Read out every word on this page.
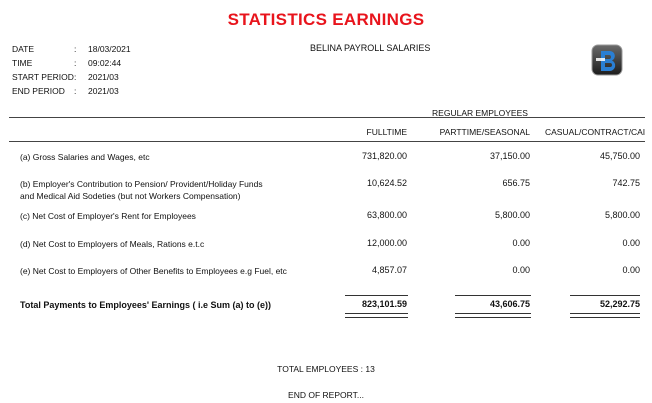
STATISTICS EARNINGS
DATE	:	18/03/2021
TIME	:	09:02:44
START PERIOD :	2021/03
END PERIOD	:	2021/03
BELINA PAYROLL SALARIES
REGULAR EMPLOYEES
FULLTIME	PARTTIME/SEASONAL CASUAL/CONTRACT/CAI
(a) Gross Salaries and Wages, etc	731,820.00	37,150.00	45,750.00
(b) Employer's Contribution to Pension/ Provident/Holiday Funds
and Medical Aid Sodeties (but not Workers Compensation)
10,624.52	656.75	742.75
(c) Net Cost of Employer's Rent for Employees	63,800.00	5,800.00	5,800.00
(d) Net Cost to Employers of Meals, Rations e.t.c	12,000.00	0.00	0.00
(e) Net Cost to Employers of Other Benefits to Employees e.g Fuel, etc	4,857.07	0.00	0.00
Total Payments to Employees' Earnings ( i.e Sum (a) to (e))	823,101.59	43,606.75	52,292.75
TOTAL EMPLOYEES : 13
END OF REPORT...
